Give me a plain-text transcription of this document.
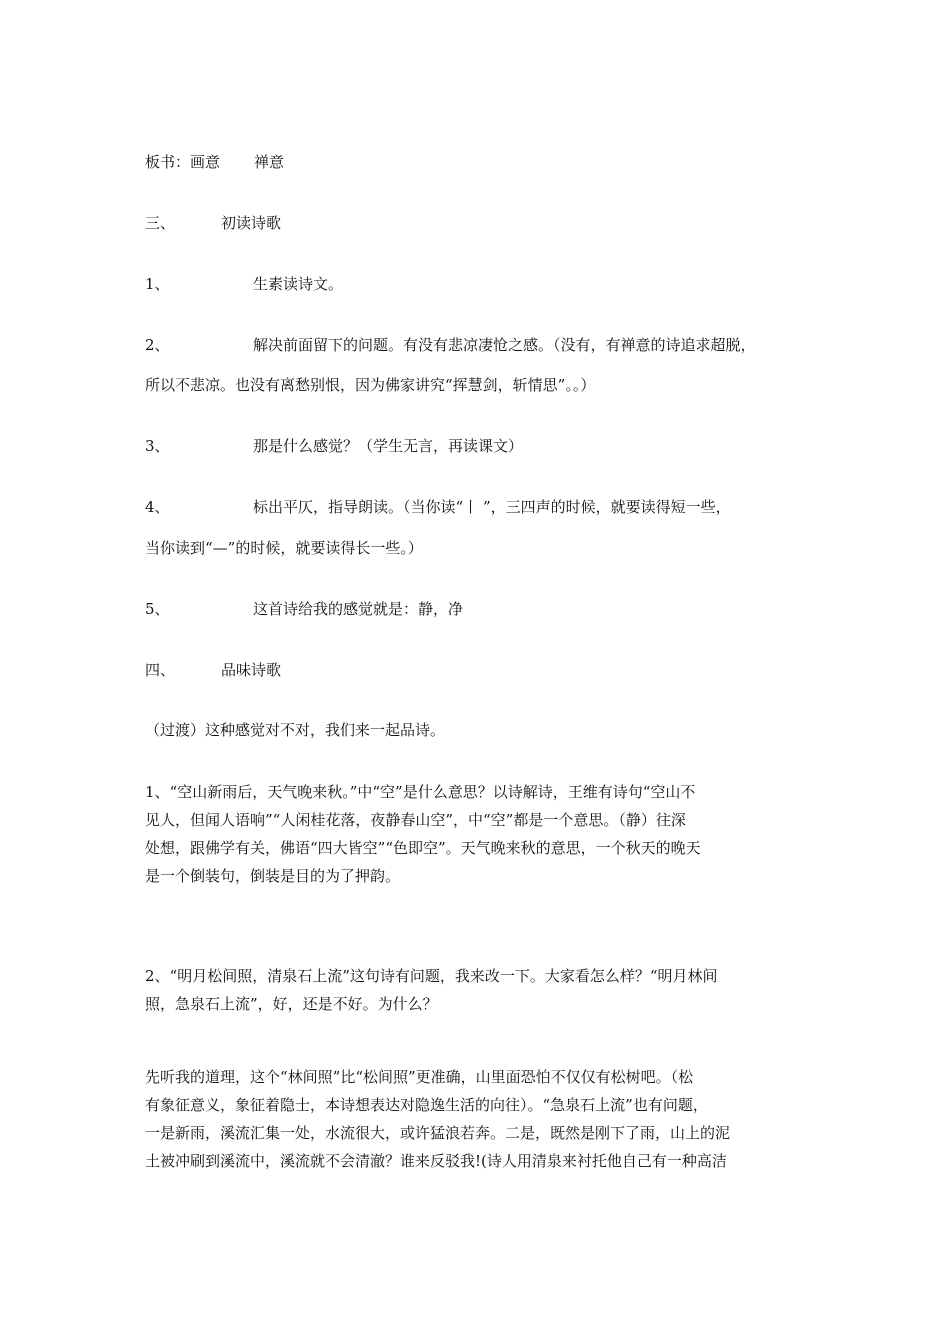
板书：画意 禅意
三、	初读诗歌
1、	生素读诗文。
2、	解决前面留下的问题。有没有悲凉凄怆之感。（没有，有禅意的诗追求超脱，
所以不悲凉。也没有离愁别恨，因为佛家讲究“挥慧剑，斩情思”。。）
3、	那是什么感觉？（学生无言，再读课文）
4、	标出平仄，指导朗读。（当你读“丨 ”，三四声的时候，就要读得短一些，
当你读到“—”的时候，就要读得长一些。）
5、	这首诗给我的感觉就是：静，净
四、	品味诗歌
（过渡）这种感觉对不对，我们来一起品诗。
1、“空山新雨后，天气晚来秋。”中“空”是什么意思？以诗解诗，王维有诗句“空山不
见人，但闻人语响”“人闲桂花落，夜静春山空”，中“空”都是一个意思。（静）往深
处想，跟佛学有关，佛语“四大皆空”“色即空”。天气晚来秋的意思，一个秋天的晚天
是一个倒装句，倒装是目的为了押韵。
2、“明月松间照，清泉石上流”这句诗有问题，我来改一下。大家看怎么样？“明月林间
照，急泉石上流”，好，还是不好。为什么？
先听我的道理，这个“林间照”比“松间照”更准确，山里面恐怕不仅仅有松树吧。（松
有象征意义，象征着隐士，本诗想表达对隐逸生活的向往）。“急泉石上流”也有问题，
一是新雨，溪流汇集一处，水流很大，或许猛浪若奔。二是，既然是刚下了雨，山上的泥
土被冲刷到溪流中，溪流就不会清澈？谁来反驳我!(诗人用清泉来衬托他自己有一种高洁
